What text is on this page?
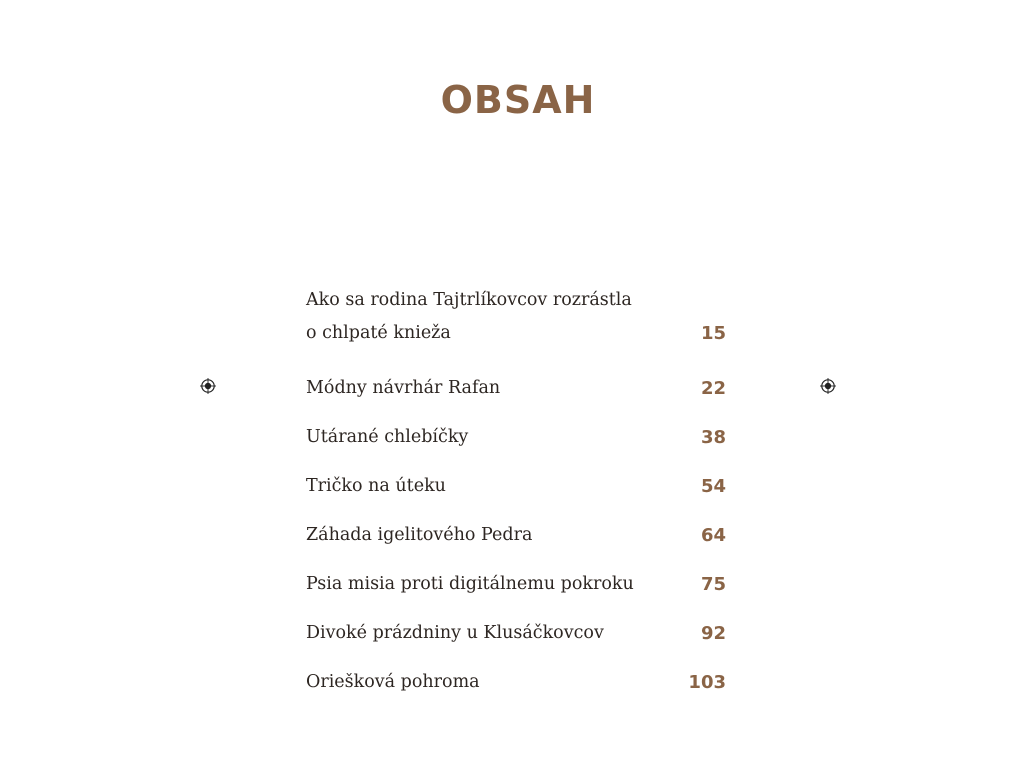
OBSAH

Ako sa rodina Tajtrlíkovcov rozrástla
o chlpaté knieža	15

Módny návrhár Rafan	22

Utárané chlebíčky	38

Tričko na úteku	54

Záhada igelitového Pedra	64

Psia misia proti digitálnemu pokroku	75

Divoké prázdniny u Klusáčkovcov	92

Oriešková pohroma	103
